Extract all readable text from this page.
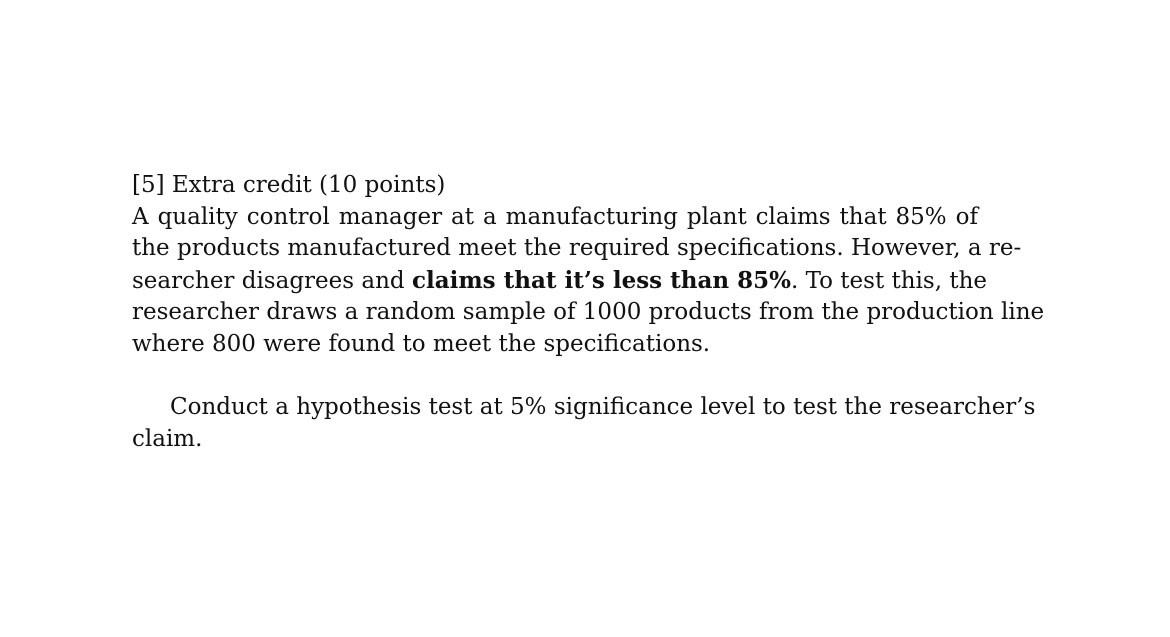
[5] Extra credit (10 points)
A quality control manager at a manufacturing plant claims that 85% of
the products manufactured meet the required specifications. However, a re-
searcher disagrees and claims that it’s less than 85%. To test this, the
researcher draws a random sample of 1000 products from the production line
where 800 were found to meet the specifications.
Conduct a hypothesis test at 5% significance level to test the researcher’s
claim.
